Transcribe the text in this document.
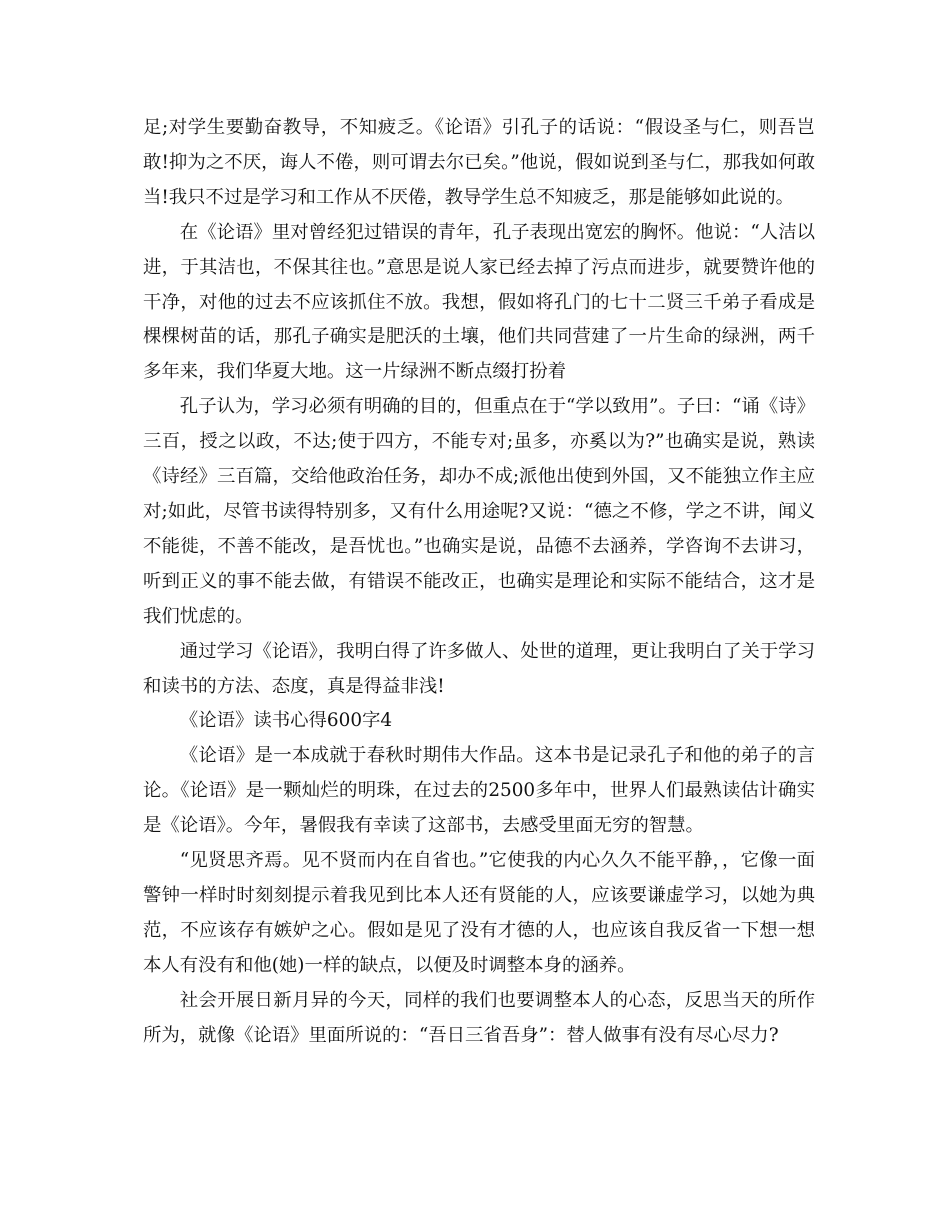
足;对学生要勤奋教导，不知疲乏。《论语》引孔子的话说：“假设圣与仁，则吾岂敢!抑为之不厌，诲人不倦，则可谓去尔已矣。”他说，假如说到圣与仁，那我如何敢当!我只不过是学习和工作从不厌倦，教导学生总不知疲乏，那是能够如此说的。

在《论语》里对曾经犯过错误的青年，孔子表现出宽宏的胸怀。他说：“人洁以进，于其洁也，不保其往也。”意思是说人家已经去掉了污点而进步，就要赞许他的干净，对他的过去不应该抓住不放。我想，假如将孔门的七十二贤三千弟子看成是棵棵树苗的话，那孔子确实是肥沃的土壤，他们共同营建了一片生命的绿洲，两千多年来，我们华夏大地。这一片绿洲不断点缀打扮着

孔子认为，学习必须有明确的目的，但重点在于“学以致用”。子曰：“诵《诗》三百，授之以政，不达;使于四方，不能专对;虽多，亦奚以为?”也确实是说，熟读《诗经》三百篇，交给他政治任务，却办不成;派他出使到外国，又不能独立作主应对;如此，尽管书读得特别多，又有什么用途呢?又说：“德之不修，学之不讲，闻义不能徙，不善不能改，是吾忧也。”也确实是说，品德不去涵养，学咨询不去讲习，听到正义的事不能去做，有错误不能改正，也确实是理论和实际不能结合，这才是我们忧虑的。

通过学习《论语》，我明白得了许多做人、处世的道理，更让我明白了关于学习和读书的方法、态度，真是得益非浅!

《论语》读书心得600字4

《论语》是一本成就于春秋时期伟大作品。这本书是记录孔子和他的弟子的言论。《论语》是一颗灿烂的明珠，在过去的2500多年中，世界人们最熟读估计确实是《论语》。今年，暑假我有幸读了这部书，去感受里面无穷的智慧。

“见贤思齐焉。见不贤而内在自省也。”它使我的内心久久不能平静，，它像一面警钟一样时时刻刻提示着我见到比本人还有贤能的人，应该要谦虚学习，以她为典范，不应该存有嫉妒之心。假如是见了没有才德的人，也应该自我反省一下想一想本人有没有和他(她)一样的缺点，以便及时调整本身的涵养。

社会开展日新月异的今天，同样的我们也要调整本人的心态，反思当天的所作所为，就像《论语》里面所说的：“吾日三省吾身”：替人做事有没有尽心尽力?
